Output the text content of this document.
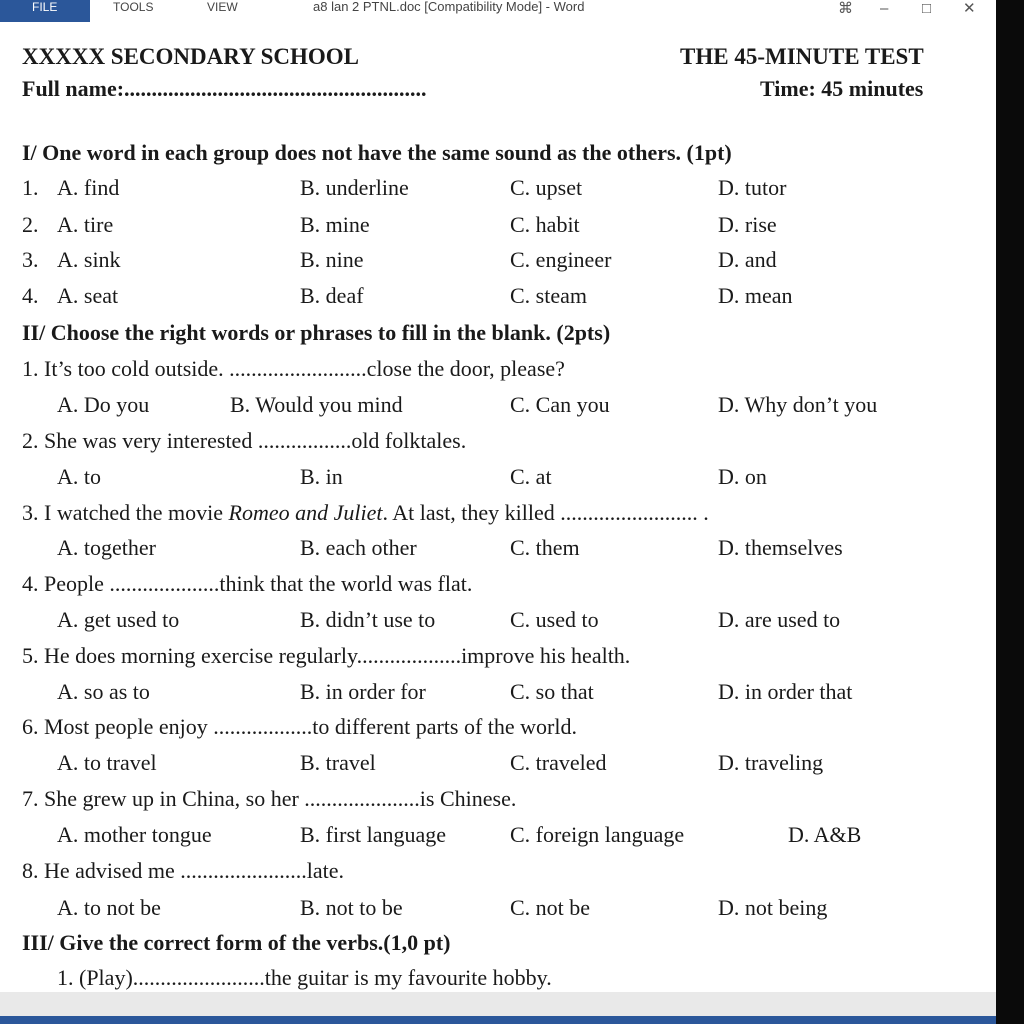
FILE	TOOLS	VIEW	a8 lan 2 PTNL.doc [Compatibility Mode] - Word	⌘ – □ ✕
XXXXX SECONDARY SCHOOL	THE 45-MINUTE TEST
Full name:.......................................................	Time: 45 minutes
I/ One word in each group does not have the same sound as the others. (1pt)
1. A. find	B. underline	C. upset	D. tutor
2. A. tire	B. mine	C. habit	D. rise
3. A. sink	B. nine	C. engineer	D. and
4. A. seat	B. deaf	C. steam	D. mean
II/ Choose the right words or phrases to fill in the blank. (2pts)
1. It’s too cold outside. .........................close the door, please?
A. Do you	B. Would you mind	C. Can you	D. Why don’t you
2. She was very interested .................old folktales.
A. to	B. in	C. at	D. on
3. I watched the movie Romeo and Juliet. At last, they killed ......................... .
A. together	B. each other	C. them	D. themselves
4. People ....................think that the world was flat.
A. get used to	B. didn’t use to	C. used to	D. are used to
5. He does morning exercise regularly...................improve his health.
A. so as to	B. in order for	C. so that	D. in order that
6. Most people enjoy ..................to different parts of the world.
A. to travel	B. travel	C. traveled	D. traveling
7. She grew up in China, so her .....................is Chinese.
A. mother tongue	B. first language	C. foreign language	D. A&B
8. He advised me .......................late.
A. to not be	B. not to be	C. not be	D. not being
III/ Give the correct form of the verbs.(1,0 pt)
1. (Play)........................the guitar is my favourite hobby.
